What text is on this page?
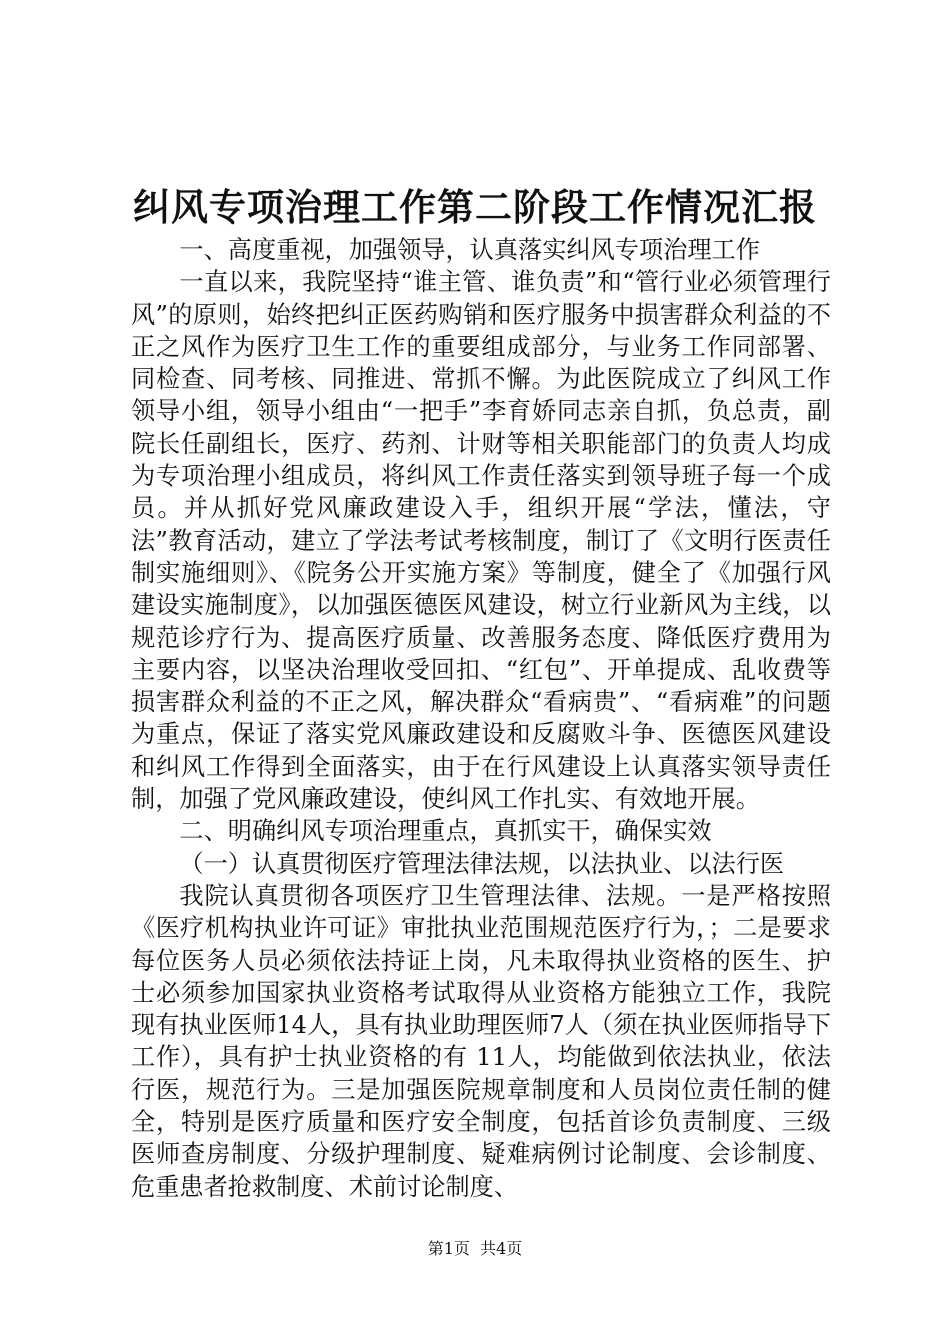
纠风专项治理工作第二阶段工作情况汇报

一、高度重视，加强领导，认真落实纠风专项治理工作

一直以来，我院坚持“谁主管、谁负责”和“管行业必须管理行风”的原则，始终把纠正医药购销和医疗服务中损害群众利益的不正之风作为医疗卫生工作的重要组成部分，与业务工作同部署、同检查、同考核、同推进、常抓不懈。为此医院成立了纠风工作领导小组，领导小组由“一把手”李育娇同志亲自抓，负总责，副院长任副组长，医疗、药剂、计财等相关职能部门的负责人均成为专项治理小组成员，将纠风工作责任落实到领导班子每一个成员。并从抓好党风廉政建设入手，组织开展“学法，懂法，守法”教育活动，建立了学法考试考核制度，制订了《文明行医责任制实施细则》、《院务公开实施方案》等制度，健全了《加强行风建设实施制度》，以加强医德医风建设，树立行业新风为主线，以规范诊疗行为、提高医疗质量、改善服务态度、降低医疗费用为主要内容，以坚决治理收受回扣、“红包”、开单提成、乱收费等损害群众利益的不正之风，解决群众“看病贵”、“看病难”的问题为重点，保证了落实党风廉政建设和反腐败斗争、医德医风建设和纠风工作得到全面落实，由于在行风建设上认真落实领导责任制，加强了党风廉政建设，使纠风工作扎实、有效地开展。

二、明确纠风专项治理重点，真抓实干，确保实效

（一）认真贯彻医疗管理法律法规，以法执业、以法行医

我院认真贯彻各项医疗卫生管理法律、法规。一是严格按照《医疗机构执业许可证》审批执业范围规范医疗行为，；二是要求每位医务人员必须依法持证上岗，凡未取得执业资格的医生、护士必须参加国家执业资格考试取得从业资格方能独立工作，我院现有执业医师14人，具有执业助理医师7人（须在执业医师指导下工作），具有护士执业资格的有 11人，均能做到依法执业，依法行医，规范行为。三是加强医院规章制度和人员岗位责任制的健全，特别是医疗质量和医疗安全制度，包括首诊负责制度、三级医师查房制度、分级护理制度、疑难病例讨论制度、会诊制度、危重患者抢救制度、术前讨论制度、

第1页 共4页
